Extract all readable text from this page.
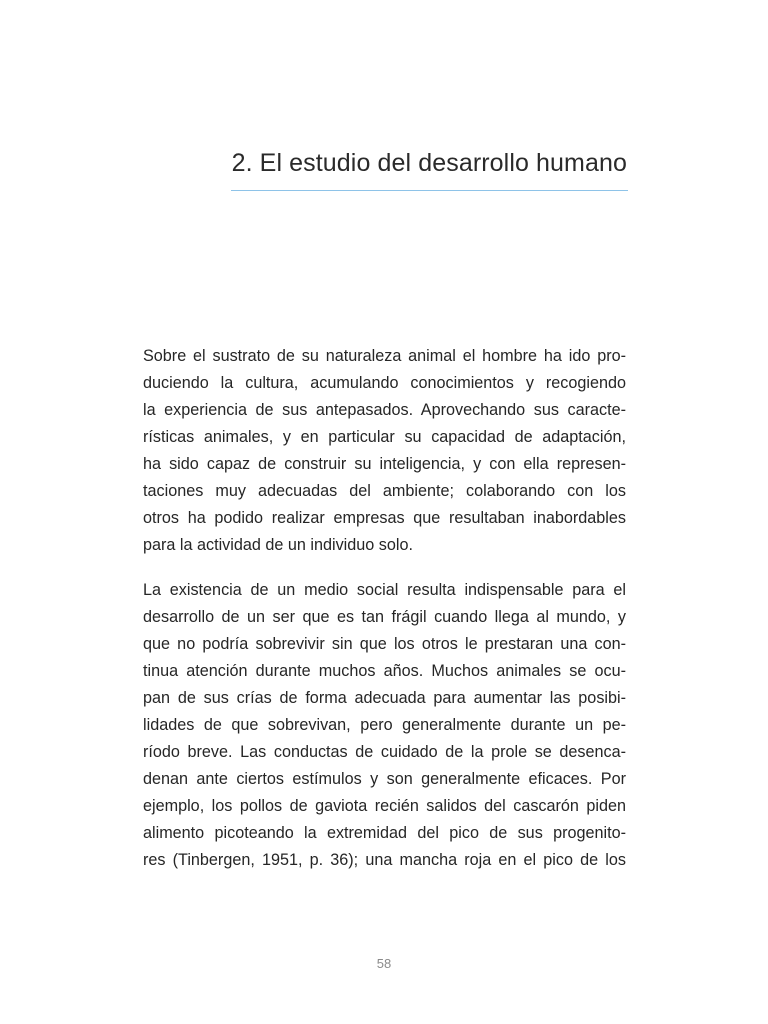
2. El estudio del desarrollo humano

Sobre el sustrato de su naturaleza animal el hombre ha ido pro-
duciendo la cultura, acumulando conocimientos y recogiendo
la experiencia de sus antepasados. Aprovechando sus caracte-
rísticas animales, y en particular su capacidad de adaptación,
ha sido capaz de construir su inteligencia, y con ella represen-
taciones muy adecuadas del ambiente; colaborando con los
otros ha podido realizar empresas que resultaban inabordables
para la actividad de un individuo solo.

La existencia de un medio social resulta indispensable para el
desarrollo de un ser que es tan frágil cuando llega al mundo, y
que no podría sobrevivir sin que los otros le prestaran una con-
tinua atención durante muchos años. Muchos animales se ocu-
pan de sus crías de forma adecuada para aumentar las posibi-
lidades de que sobrevivan, pero generalmente durante un pe-
ríodo breve. Las conductas de cuidado de la prole se desenca-
denan ante ciertos estímulos y son generalmente eficaces. Por
ejemplo, los pollos de gaviota recién salidos del cascarón piden
alimento picoteando la extremidad del pico de sus progenito-
res (Tinbergen, 1951, p. 36); una mancha roja en el pico de los

58
